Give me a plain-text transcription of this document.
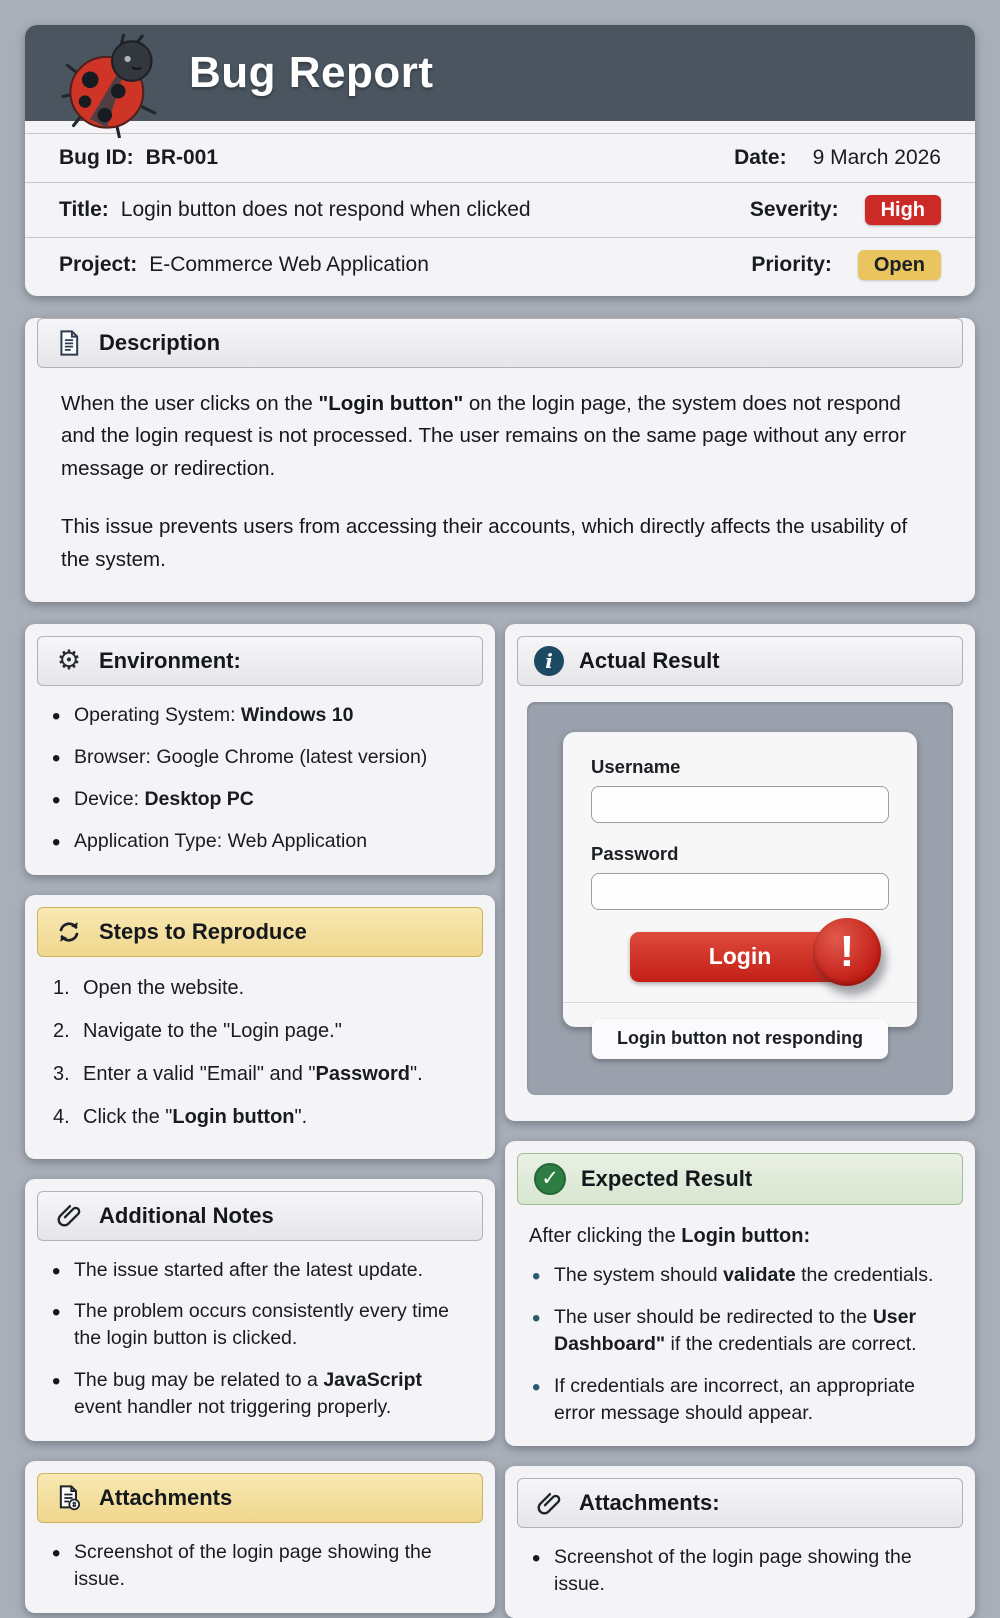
Bug Report
Bug ID: BR-001	Date: 9 March 2026
Title: Login button does not respond when clicked	Severity:	High
Project: E-Commerce Web Application	Priority:	Open
Description

When the user clicks on the "Login button" on the login page, the system does not respond and the login request is not processed. The user remains on the same page without any error message or redirection.

This issue prevents users from accessing their accounts, which directly affects the usability of the system.

⚙ Environment:
• Operating System: Windows 10
• Browser: Google Chrome (latest version)
• Device: Desktop PC
• Application Type: Web Application
Steps to Reproduce
Open the website.
Navigate to the "Login page."
Enter a valid "Email" and "Password".
Click the "Login button".
Additional Notes
• The issue started after the latest update.
• The problem occurs consistently every time the login button is clicked.
• The bug may be related to a JavaScript event handler not triggering properly.
Attachments
• Screenshot of the login page showing the issue.
i	Actual Result
Username
Password
Login	!
Login button not responding
✓	Expected Result
After clicking the Login button:
• The system should validate the credentials.
• The user should be redirected to the User Dashboard" if the credentials are correct.
• If credentials are incorrect, an appropriate error message should appear.
Attachments:
• Screenshot of the login page showing the issue.
